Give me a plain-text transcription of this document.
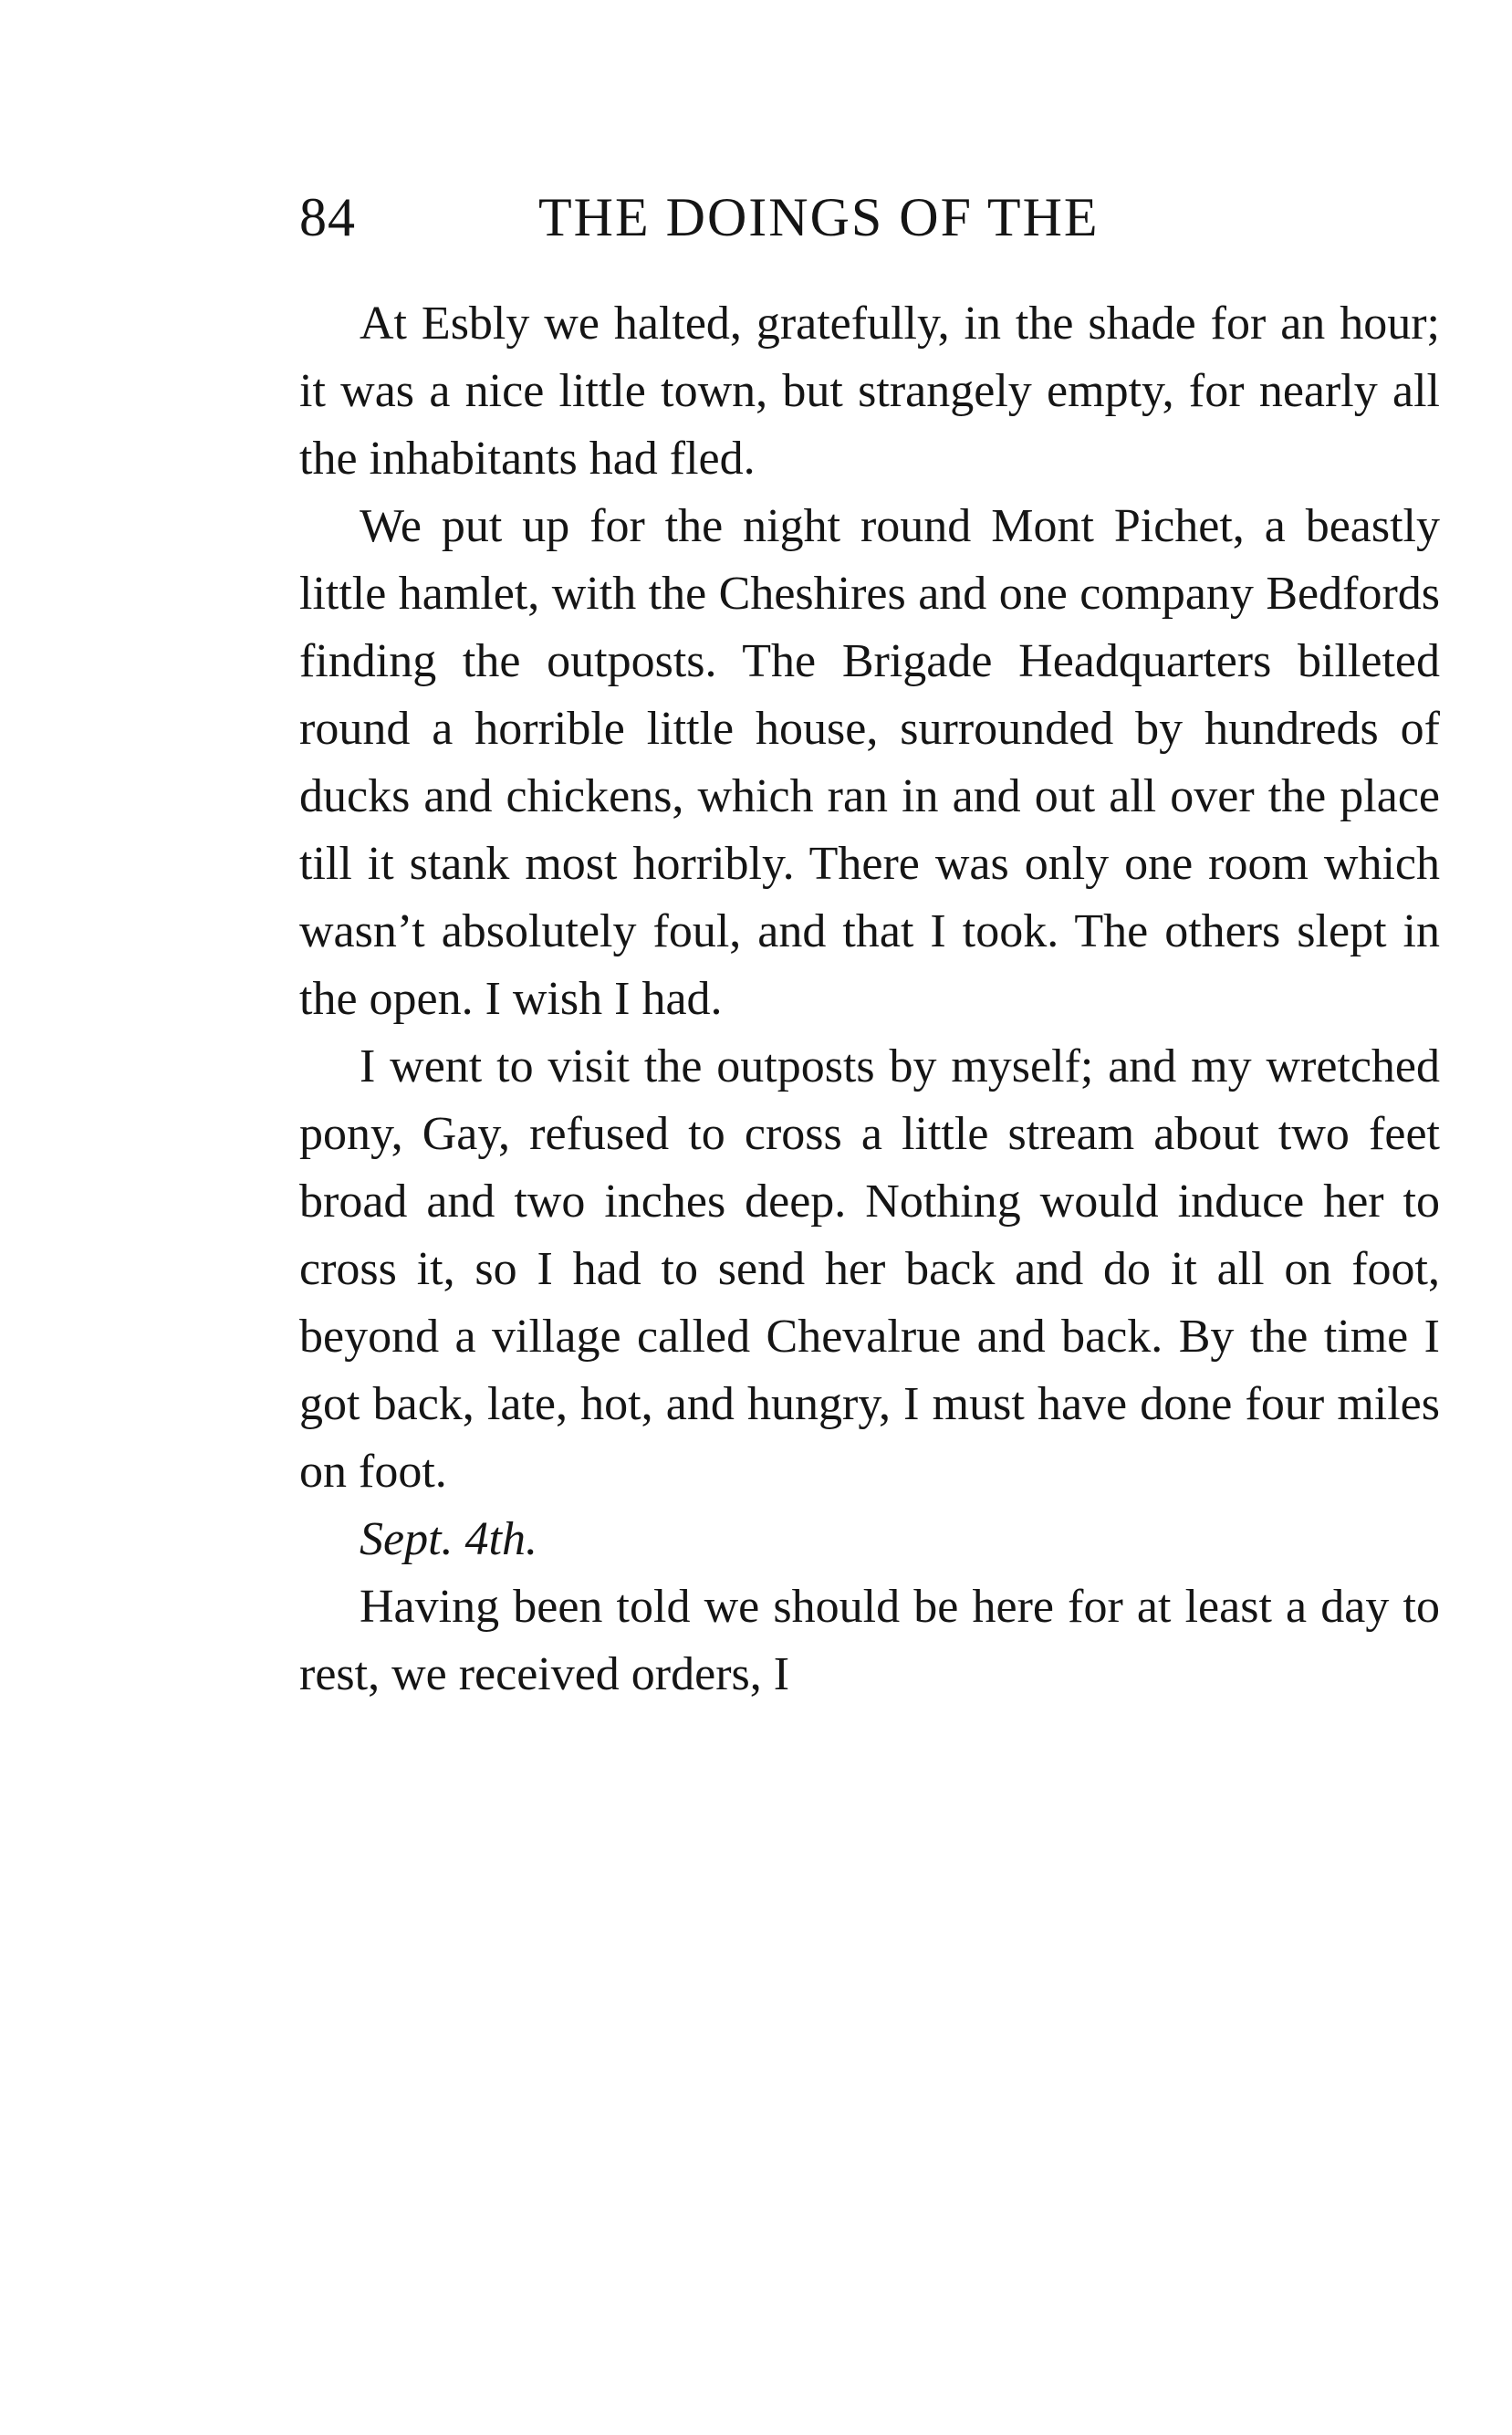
84	THE DOINGS OF THE

At Esbly we halted, gratefully, in the shade for an hour; it was a nice little town, but strangely empty, for nearly all the inhabitants had fled.

We put up for the night round Mont Pichet, a beastly little hamlet, with the Cheshires and one company Bedfords finding the outposts. The Brigade Headquarters billeted round a horrible little house, surrounded by hundreds of ducks and chickens, which ran in and out all over the place till it stank most horribly. There was only one room which wasn’t absolutely foul, and that I took. The others slept in the open. I wish I had.

I went to visit the outposts by myself; and my wretched pony, Gay, refused to cross a little stream about two feet broad and two inches deep. Nothing would induce her to cross it, so I had to send her back and do it all on foot, beyond a village called Chevalrue and back. By the time I got back, late, hot, and hungry, I must have done four miles on foot.

Sept. 4th.

Having been told we should be here for at least a day to rest, we received orders, I
